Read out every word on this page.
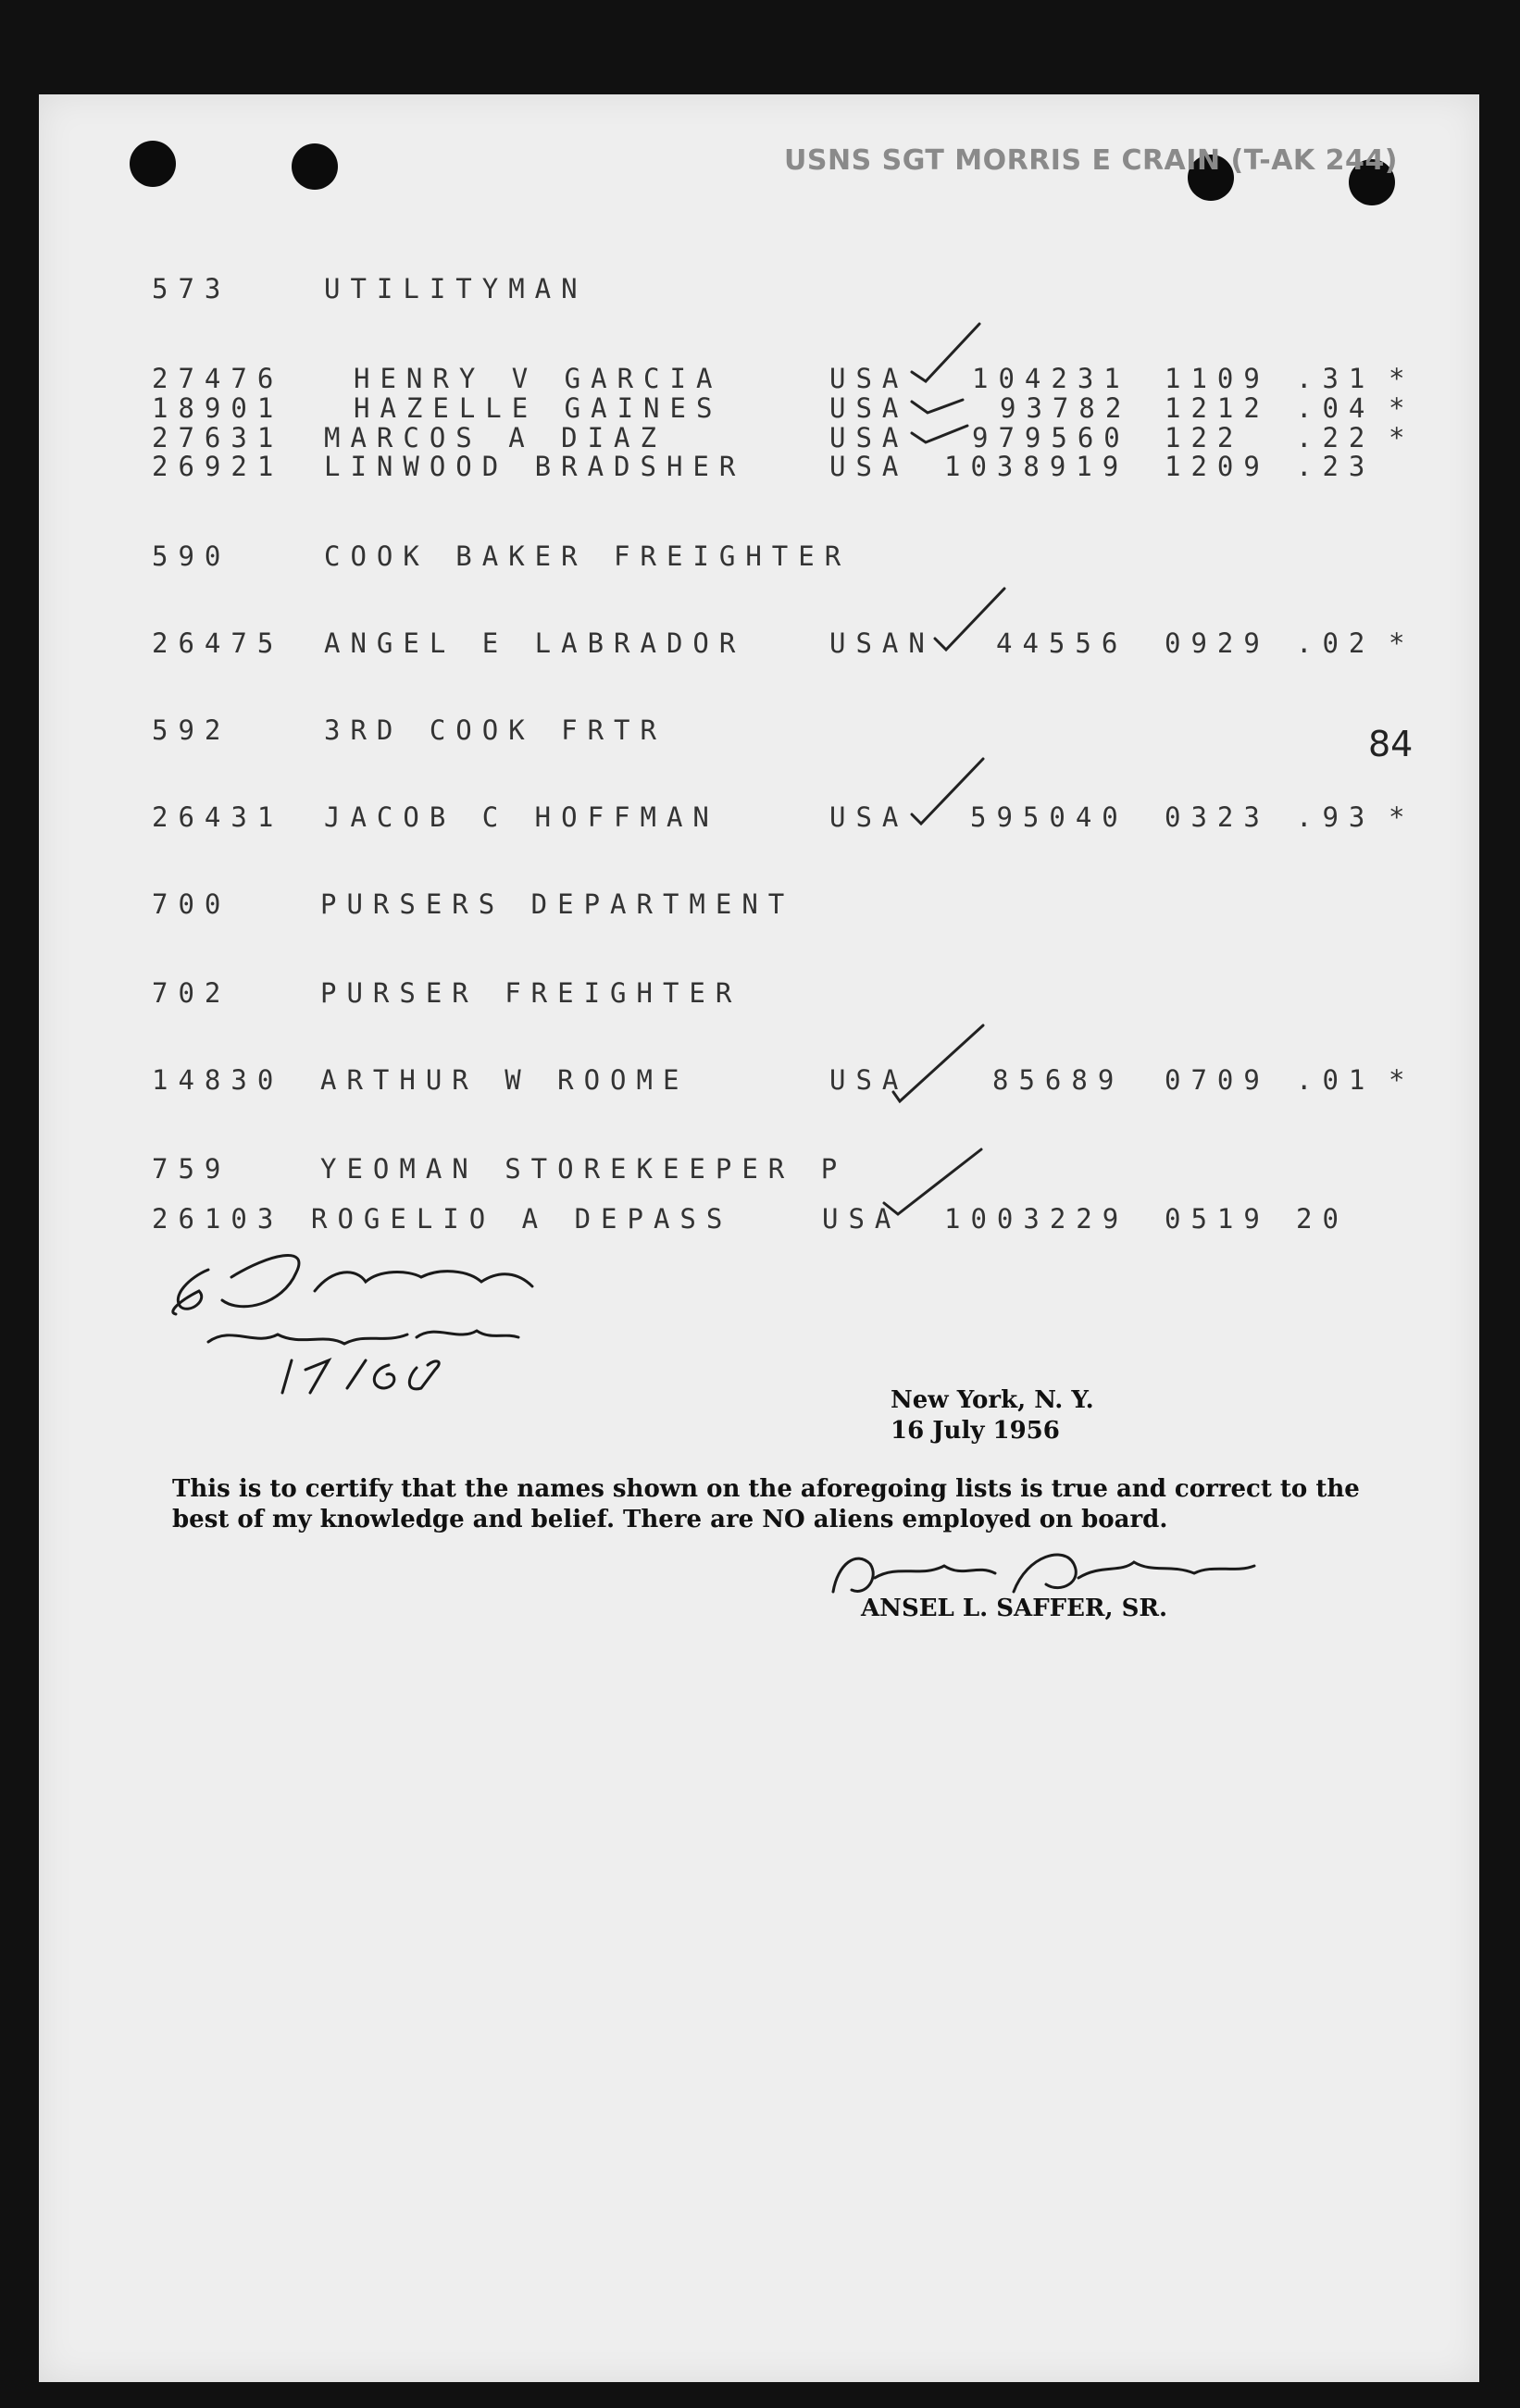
USNS SGT MORRIS E CRAIN (T-AK 244)
573	UTILITYMAN
27476	HENRY V GARCIA	USA 104231 1109 .31 *
18901	HAZELLE GAINES	USA	93782 1212 .04 *
27631 MARCOS A DIAZ	USA 979560 122 .22 *
26921 LINWOOD BRADSHER	USA 1038919 1209 .23
590	COOK BAKER FREIGHTER
26475 ANGEL E LABRADOR	USAN 44556 0929 .02 *
592	3RD COOK FRTR	84
26431 JACOB C HOFFMAN	USA 595040 0323 .93 *
700	PURSERS DEPARTMENT
702	PURSER FREIGHTER
14830 ARTHUR W ROOME	USA	85689 0709 .01 *
759	YEOMAN STOREKEEPER P
26103 ROGELIO A DEPASS	USA 1003229 0519 20
New York, N. Y.
16 July 1956
This is to certify that the names shown on the aforegoing lists is true and correct to the best of my knowledge and belief. There are NO aliens employed on board.
ANSEL L. SAFFER, SR.
